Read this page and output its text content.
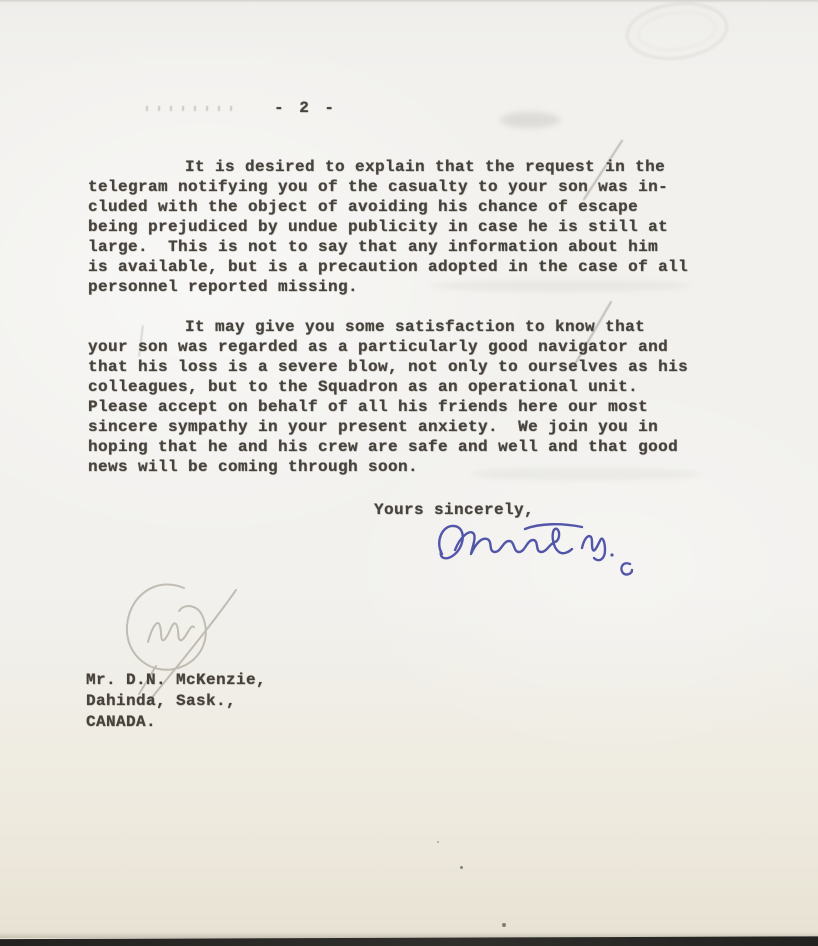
- 2 -
It is desired to explain that the request in the
telegram notifying you of the casualty to your son was in-
cluded with the object of avoiding his chance of escape
being prejudiced by undue publicity in case he is still at
large.  This is not to say that any information about him
is available, but is a precaution adopted in the case of all
personnel reported missing.
It may give you some satisfaction to know that
your son was regarded as a particularly good navigator and
that his loss is a severe blow, not only to ourselves as his
colleagues, but to the Squadron as an operational unit.
Please accept on behalf of all his friends here our most
sincere sympathy in your present anxiety.  We join you in
hoping that he and his crew are safe and well and that good
news will be coming through soon.
Yours sincerely,
Mr. D.N. McKenzie,
Dahinda, Sask.,
CANADA.
